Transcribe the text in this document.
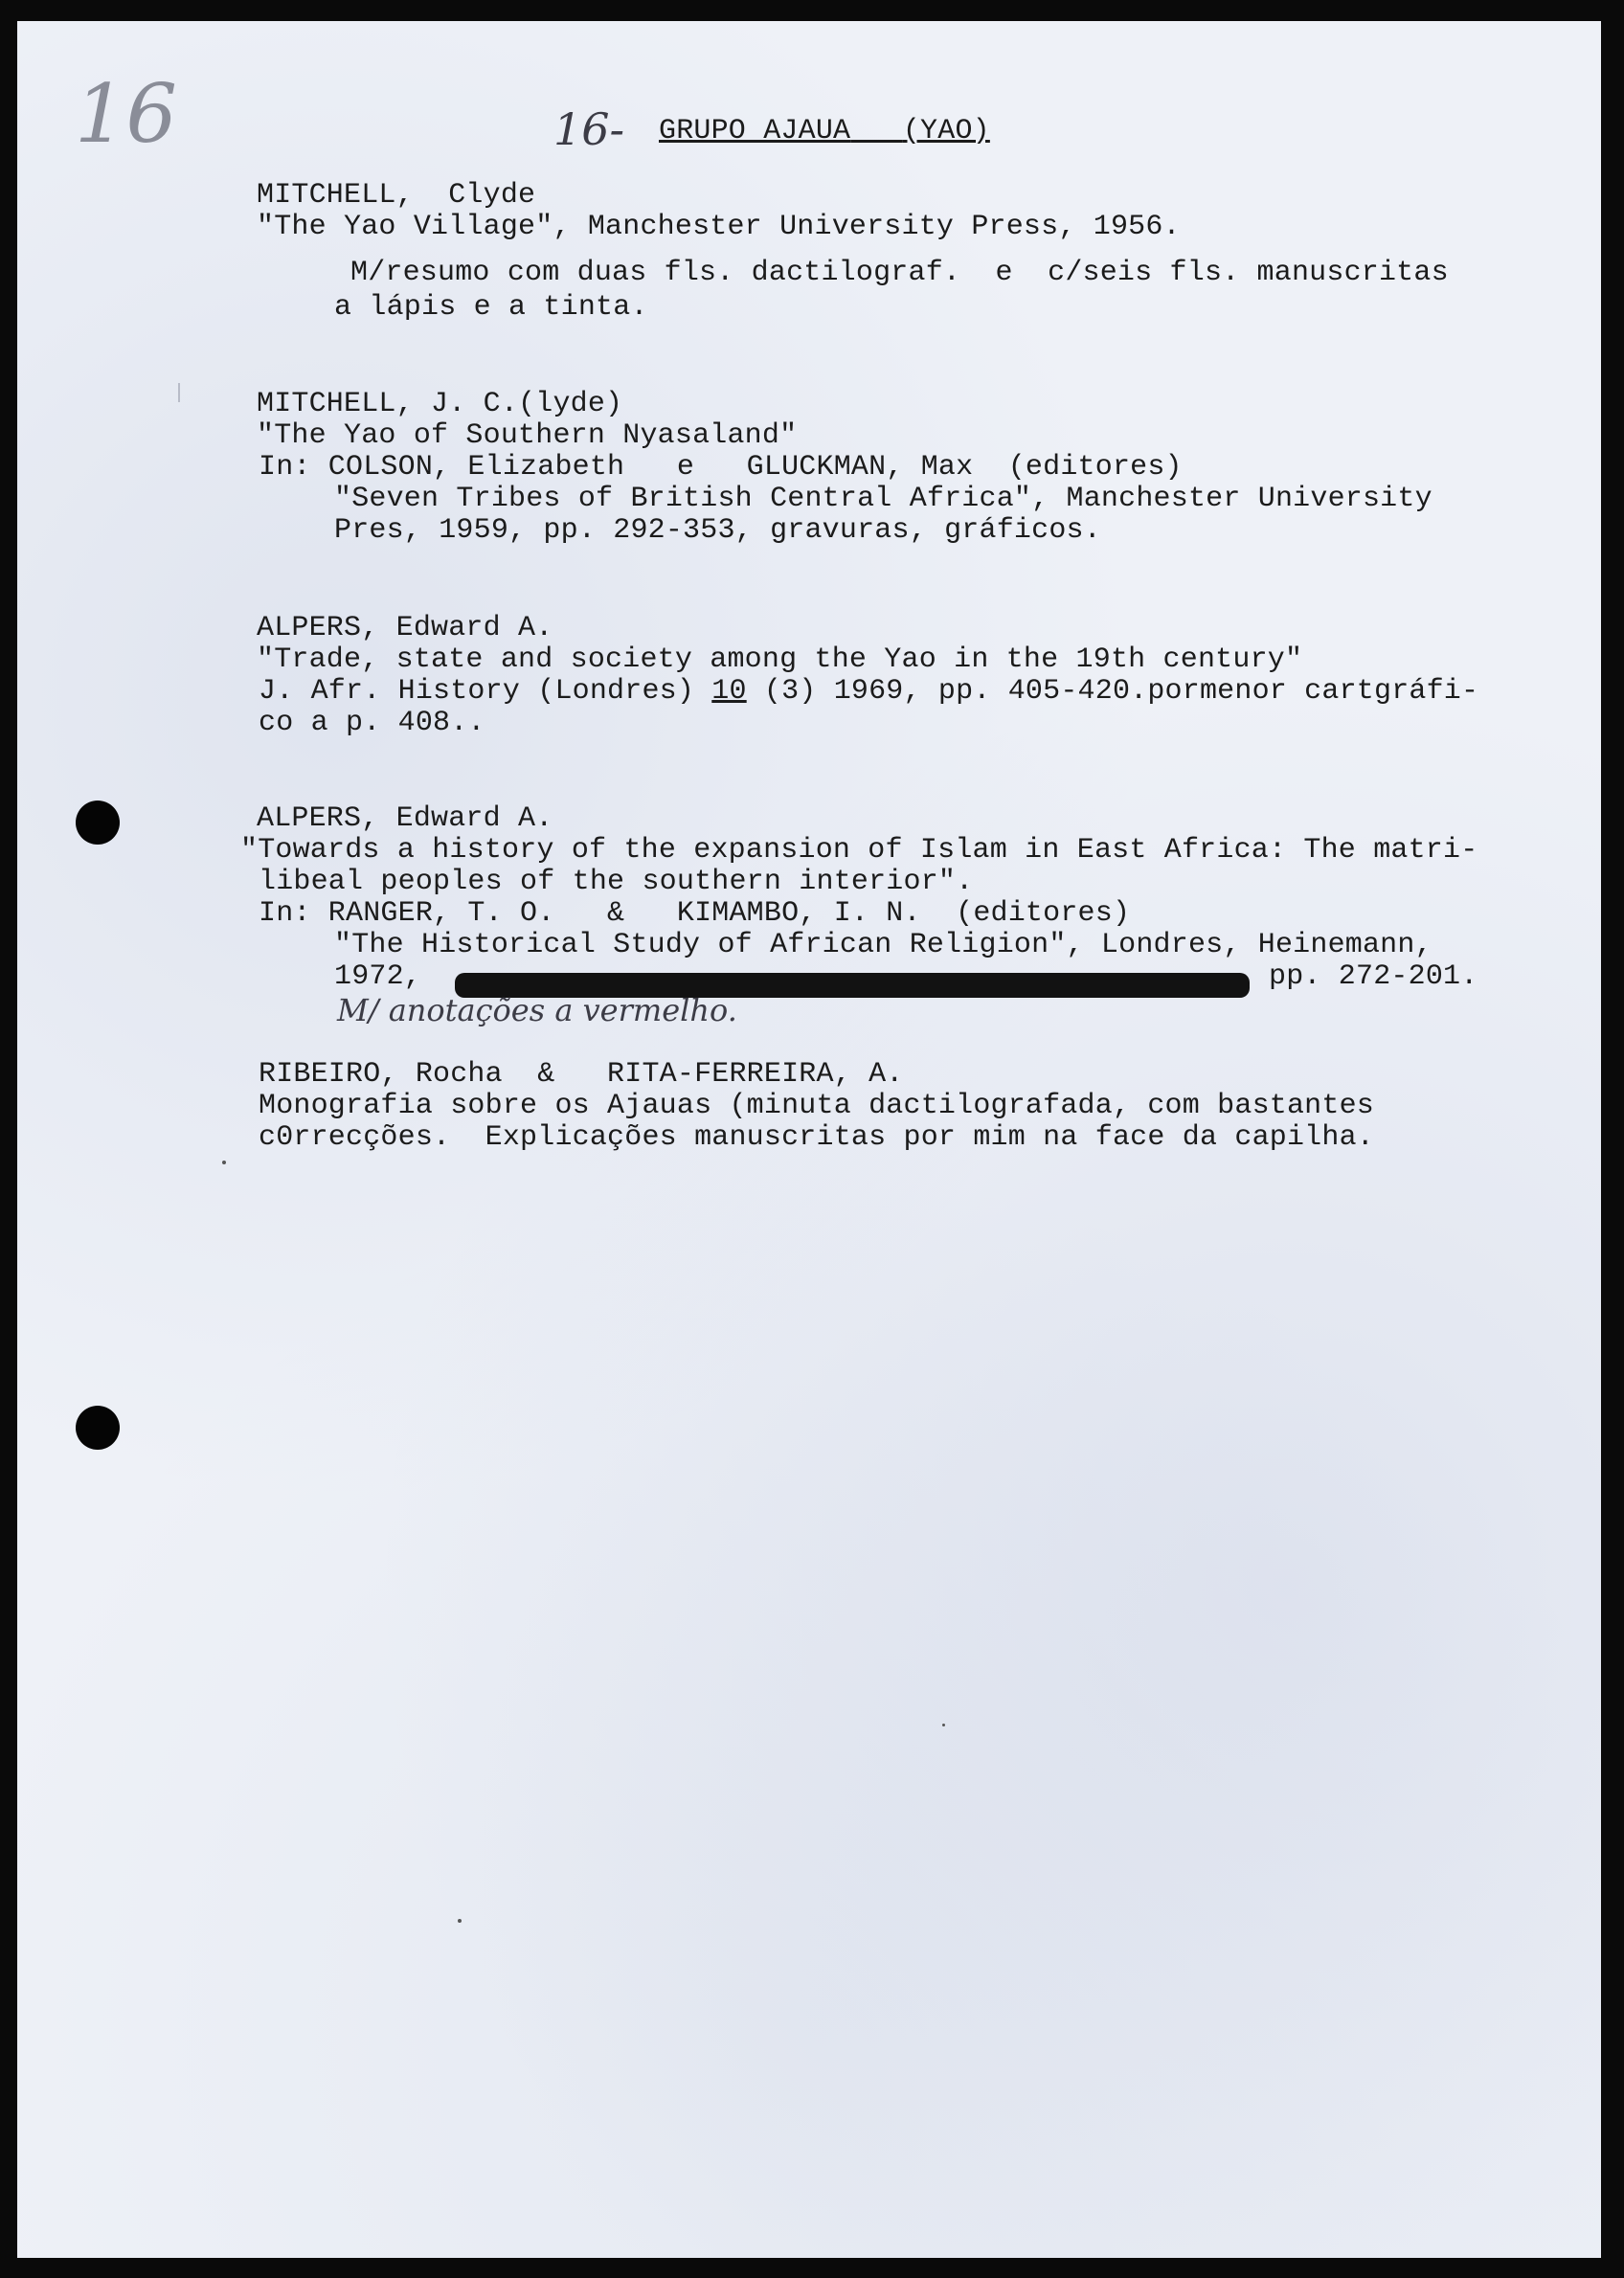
16	16- GRUPO AJAUA (YAO)
MITCHELL,  Clyde
"The Yao Village", Manchester University Press, 1956.
M/resumo com duas fls. dactilograf.  e  c/seis fls. manuscritas
a lápis e a tinta.
MITCHELL, J. C.(lyde)
"The Yao of Southern Nyasaland"
In: COLSON, Elizabeth   e   GLUCKMAN, Max  (editores)
"Seven Tribes of British Central Africa", Manchester University
Pres, 1959, pp. 292-353, gravuras, gráficos.
ALPERS, Edward A.
"Trade, state and society among the Yao in the 19th century"
J. Afr. History (Londres) 10 (3) 1969, pp. 405-420.pormenor cartgráfi-
co a p. 408..
ALPERS, Edward A.
"Towards a history of the expansion of Islam in East Africa: The matri-
libeal peoples of the southern interior".
In: RANGER, T. O.   &   KIMAMBO, I. N.  (editores)
"The Historical Study of African Religion", Londres, Heinemann,
1972,	pp. 272-201.
M/ anotações a vermelho.
RIBEIRO, Rocha  &   RITA-FERREIRA, A.
Monografia sobre os Ajauas (minuta dactilografada, com bastantes
c0rrecções.  Explicações manuscritas por mim na face da capilha.
